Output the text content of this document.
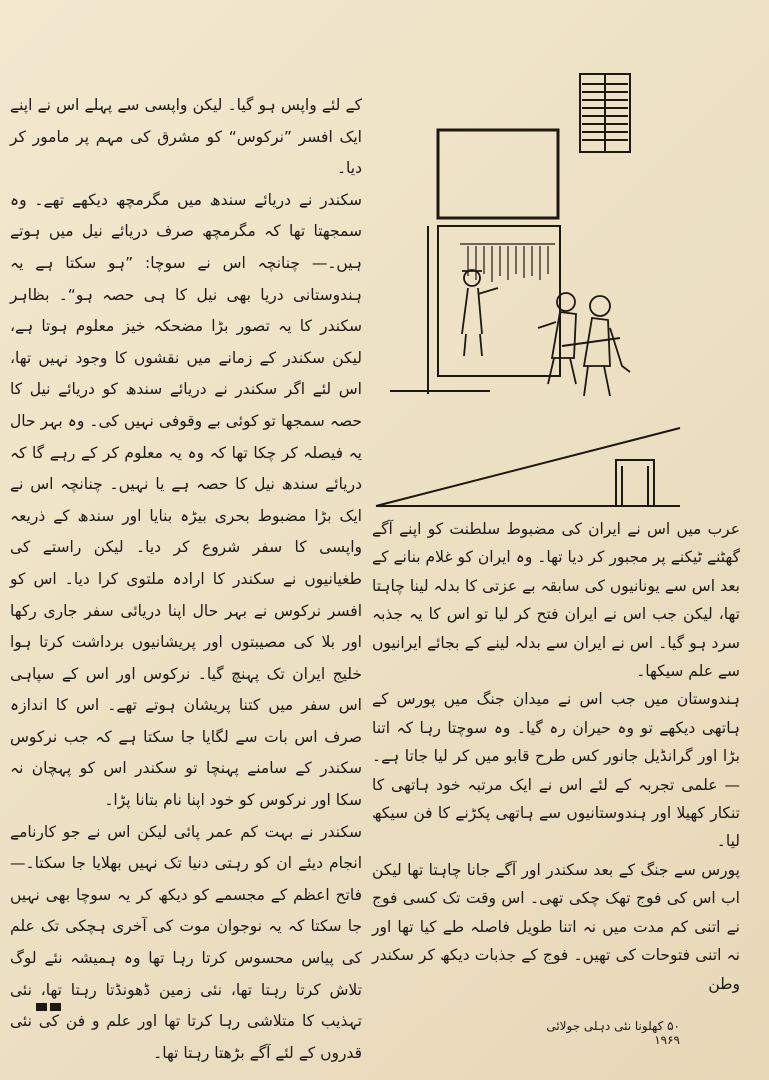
کے لئے واپس ہو گیا۔ لیکن واپسی سے پہلے اس نے اپنے ایک افسر ”نرکوس“ کو مشرق کی مہم پر مامور کر دیا۔

سکندر نے دریائے سندھ میں مگرمچھ دیکھے تھے۔ وہ سمجھتا تھا کہ مگرمچھ صرف دریائے نیل میں ہوتے ہیں۔— چنانچہ اس نے سوچا: ”ہو سکتا ہے یہ ہندوستانی دریا بھی نیل کا ہی حصہ ہو“۔ بظاہر سکندر کا یہ تصور بڑا مضحکہ خیز معلوم ہوتا ہے، لیکن سکندر کے زمانے میں نقشوں کا وجود نہیں تھا، اس لئے اگر سکندر نے دریائے سندھ کو دریائے نیل کا حصہ سمجھا تو کوئی بے وقوفی نہیں کی۔ وہ بہر حال یہ فیصلہ کر چکا تھا کہ وہ یہ معلوم کر کے رہے گا کہ دریائے سندھ نیل کا حصہ ہے یا نہیں۔ چنانچہ اس نے ایک بڑا مضبوط بحری بیڑہ بنایا اور سندھ کے ذریعہ واپسی کا سفر شروع کر دیا۔ لیکن راستے کی طغیانیوں نے سکندر کا ارادہ ملتوی کرا دیا۔ اس کو افسر نرکوس نے بہر حال اپنا دریائی سفر جاری رکھا اور بلا کی مصیبتوں اور پریشانیوں برداشت کرتا ہوا خلیج ایران تک پہنچ گیا۔ نرکوس اور اس کے سپاہی اس سفر میں کتنا پریشان ہوتے تھے۔ اس کا اندازہ صرف اس بات سے لگایا جا سکتا ہے کہ جب نرکوس سکندر کے سامنے پہنچا تو سکندر اس کو پہچان نہ سکا اور نرکوس کو خود اپنا نام بتانا پڑا۔

سکندر نے بہت کم عمر پائی لیکن اس نے جو کارنامے انجام دیئے ان کو رہتی دنیا تک نہیں بھلایا جا سکتا۔— فاتح اعظم کے مجسمے کو دیکھ کر یہ سوچا بھی نہیں جا سکتا کہ یہ نوجوان موت کی آخری ہچکی تک علم کی پیاس محسوس کرتا رہا تھا وہ ہمیشہ نئے لوگ تلاش کرتا رہتا تھا، نئی زمین ڈھونڈتا رہتا تھا، نئی تہذیب کا متلاشی رہا کرتا تھا اور علم و فن کی نئی قدروں کے لئے آگے بڑھتا رہتا تھا۔

عرب میں اس نے ایران کی مضبوط سلطنت کو اپنے آگے گھٹنے ٹیکنے پر مجبور کر دیا تھا۔ وہ ایران کو غلام بنانے کے بعد اس سے یونانیوں کی سابقہ بے عزتی کا بدلہ لینا چاہتا تھا، لیکن جب اس نے ایران فتح کر لیا تو اس کا یہ جذبہ سرد ہو گیا۔ اس نے ایران سے بدلہ لینے کے بجائے ایرانیوں سے علم سیکھا۔

ہندوستان میں جب اس نے میدان جنگ میں پورس کے ہاتھی دیکھے تو وہ حیران رہ گیا۔ وہ سوچتا رہا کہ اتنا بڑا اور گرانڈیل جانور کس طرح قابو میں کر لیا جاتا ہے۔— علمی تجربہ کے لئے اس نے ایک مرتبہ خود ہاتھی کا تنکار کھیلا اور ہندوستانیوں سے ہاتھی پکڑنے کا فن سیکھ لیا۔

پورس سے جنگ کے بعد سکندر اور آگے جانا چاہتا تھا لیکن اب اس کی فوج تھک چکی تھی۔ اس وقت تک کسی فوج نے اتنی کم مدت میں نہ اتنا طویل فاصلہ طے کیا تھا اور نہ اتنی فتوحات کی تھیں۔ فوج کے جذبات دیکھ کر سکندر وطن

۵۰ کھلونا نئی دہلی جولائی ۱۹۶۹
